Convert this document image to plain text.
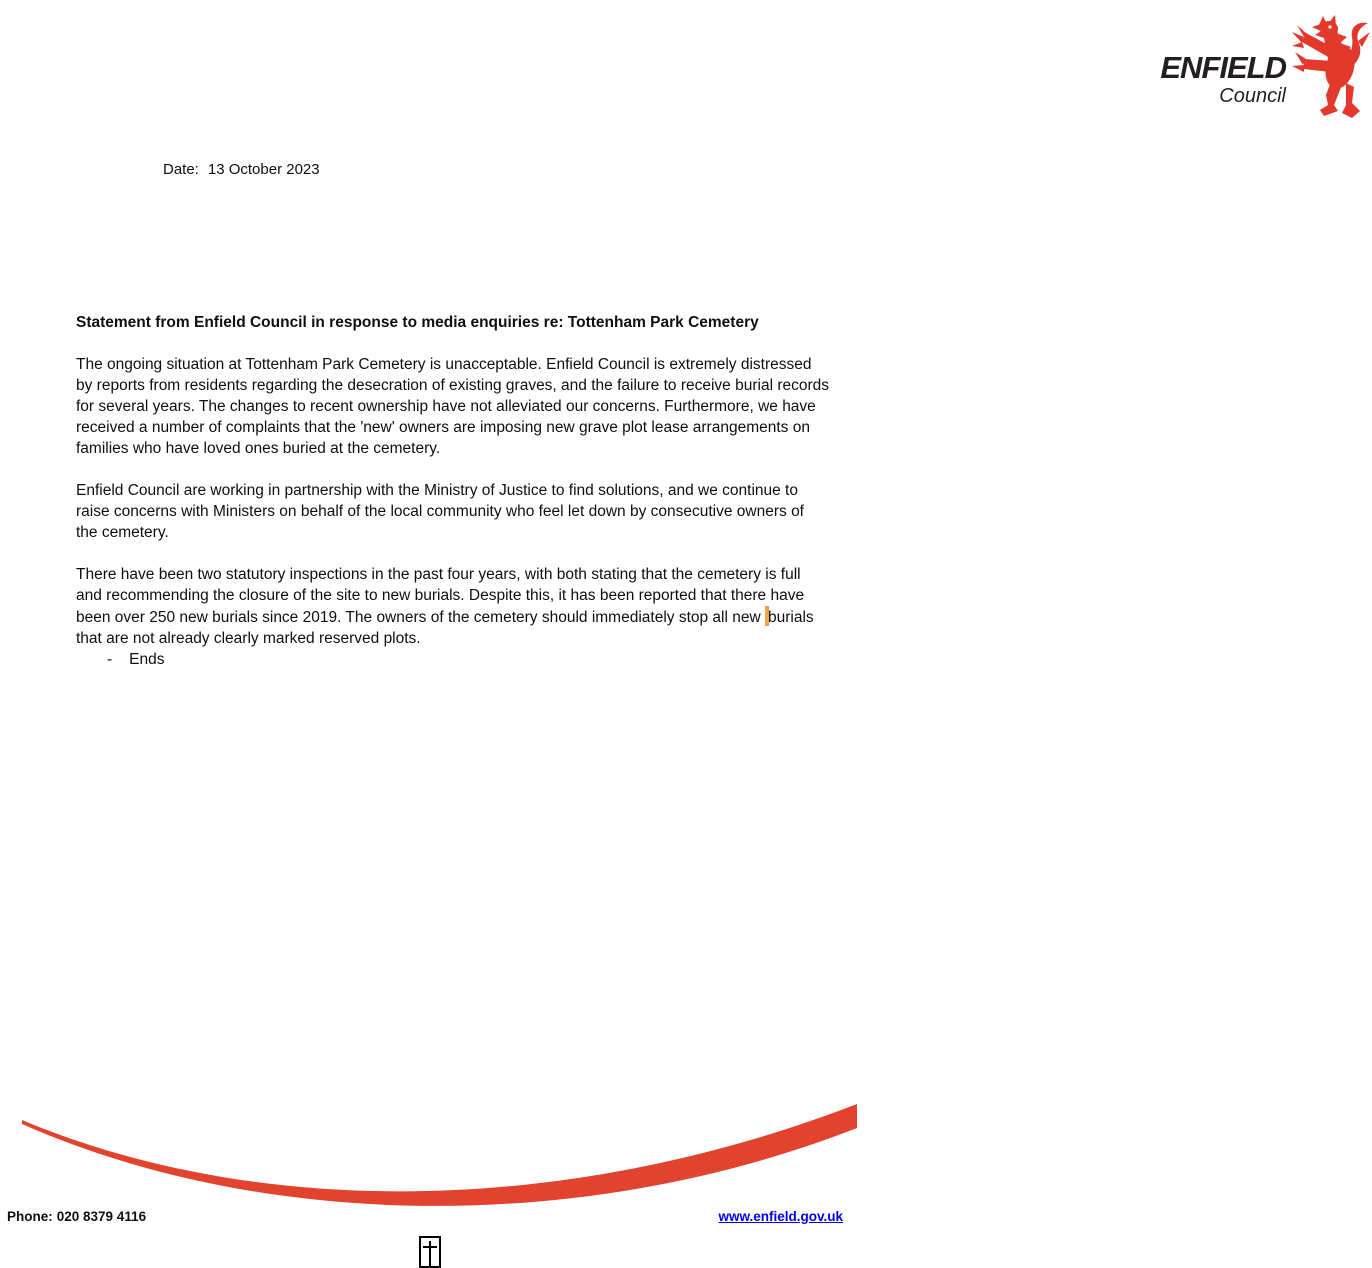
ENFIELD
Council
Date: 13 October 2023
Statement from Enfield Council in response to media enquiries re: Tottenham Park Cemetery

The ongoing situation at Tottenham Park Cemetery is unacceptable. Enfield Council is extremely distressed by reports from residents regarding the desecration of existing graves, and the failure to receive burial records for several years. The changes to recent ownership have not alleviated our concerns. Furthermore, we have received a number of complaints that the 'new' owners are imposing new grave plot lease arrangements on families who have loved ones buried at the cemetery.

Enfield Council are working in partnership with the Ministry of Justice to find solutions, and we continue to raise concerns with Ministers on behalf of the local community who feel let down by consecutive owners of the cemetery.

There have been two statutory inspections in the past four years, with both stating that the cemetery is full and recommending the closure of the site to new burials. Despite this, it has been reported that there have been over 250 new burials since 2019. The owners of the cemetery should immediately stop all new burials that are not already clearly marked reserved plots.

- Ends
Phone: 020 8379 4116	www.enfield.gov.uk
